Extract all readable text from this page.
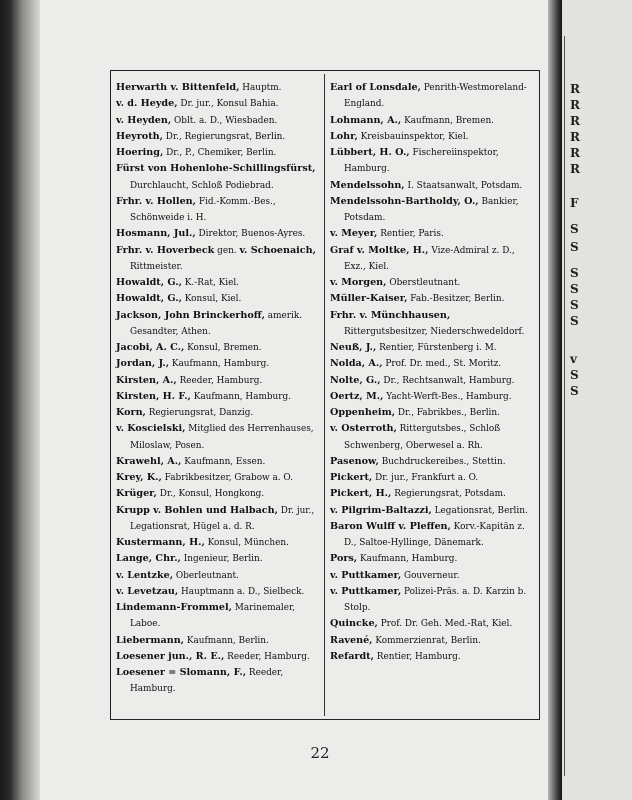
Herwarth v. Bittenfeld, Hauptm.

v. d. Heyde, Dr. jur., Konsul Bahia.

v. Heyden, Oblt. a. D., Wiesbaden.

Heyroth, Dr., Regierungsrat, Berlin.

Hoering, Dr., P., Chemiker, Berlin.

Fürst von Hohenlohe-Schillingsfürst, Durchlaucht, Schloß Podiebrad.

Frhr. v. Hollen, Fid.-Komm.-Bes., Schönweide i. H.

Hosmann, Jul., Direktor, Buenos-Ayres.

Frhr. v. Hoverbeck gen. v. Schoenaich, Rittmeister.

Howaldt, G., K.-Rat, Kiel.

Howaldt, G., Konsul, Kiel.

Jackson, John Brinckerhoff, amerik. Gesandter, Athen.

Jacobi, A. C., Konsul, Bremen.

Jordan, J., Kaufmann, Hamburg.

Kirsten, A., Reeder, Hamburg.

Kirsten, H. F., Kaufmann, Hamburg.

Korn, Regierungsrat, Danzig.

v. Koscielski, Mitglied des Herrenhauses, Miloslaw, Posen.

Krawehl, A., Kaufmann, Essen.

Krey, K., Fabrikbesitzer, Grabow a. O.

Krüger, Dr., Konsul, Hongkong.

Krupp v. Bohlen und Halbach, Dr. jur., Legationsrat, Hügel a. d. R.

Kustermann, H., Konsul, München.

Lange, Chr., Ingenieur, Berlin.

v. Lentzke, Oberleutnant.

v. Levetzau, Hauptmann a. D., Sielbeck.

Lindemann-Frommel, Marinemaler, Laboe.

Liebermann, Kaufmann, Berlin.

Loesener jun., R. E., Reeder, Hamburg.

Loesener = Slomann, F., Reeder, Hamburg.

Earl of Lonsdale, Penrith-Westmoreland-England.

Lohmann, A., Kaufmann, Bremen.

Lohr, Kreisbauinspektor, Kiel.

Lübbert, H. O., Fischereiinspektor, Hamburg.

Mendelssohn, I. Staatsanwalt, Potsdam.

Mendelssohn-Bartholdy, O., Bankier, Potsdam.

v. Meyer, Rentier, Paris.

Graf v. Moltke, H., Vize-Admiral z. D., Exz., Kiel.

v. Morgen, Oberstleutnant.

Müller-Kaiser, Fab.-Besitzer, Berlin.

Frhr. v. Münchhausen, Rittergutsbesitzer, Niederschwedeldorf.

Neuß, J., Rentier, Fürstenberg i. M.

Nolda, A., Prof. Dr. med., St. Moritz.

Nolte, G., Dr., Rechtsanwalt, Hamburg.

Oertz, M., Yacht-Werft-Bes., Hamburg.

Oppenheim, Dr., Fabrikbes., Berlin.

v. Osterroth, Rittergutsbes., Schloß Schwenberg, Oberwesel a. Rh.

Pasenow, Buchdruckereibes., Stettin.

Pickert, Dr. jur., Frankfurt a. O.

Pickert, H., Regierungsrat, Potsdam.

v. Pilgrim-Baltazzi, Legationsrat, Berlin.

Baron Wulff v. Pleffen, Korv.-Kapitän z. D., Saltoe-Hyllinge, Dänemark.

Pors, Kaufmann, Hamburg.

v. Puttkamer, Gouverneur.

v. Puttkamer, Polizei-Präs. a. D. Karzin b. Stolp.

Quincke, Prof. Dr. Geh. Med.-Rat, Kiel.

Ravené, Kommerzienrat, Berlin.

Refardt, Rentier, Hamburg.

22
R
R
R
R
R
R
F
S
S
S
S
S
S
v
S
S
